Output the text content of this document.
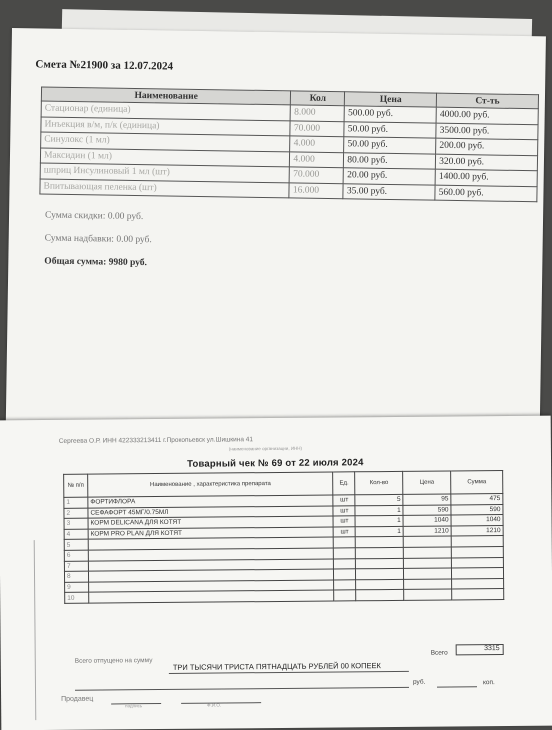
Смета №21900 за 12.07.2024
Наименование	Кол	Цена	Ст-ть
Стационар (единица)	8.000	500.00 руб.	4000.00 руб.
Инъекция в/м, п/к (единица)	70.000	50.00 руб.	3500.00 руб.
Синулокс (1 мл)	4.000	50.00 руб.	200.00 руб.
Максидин (1 мл)	4.000	80.00 руб.	320.00 руб.
шприц Инсулиновый 1 мл (шт)	70.000	20.00 руб.	1400.00 руб.
Впитывающая пеленка (шт)	16.000	35.00 руб.	560.00 руб.
Сумма скидки: 0.00 руб.
Сумма надбавки: 0.00 руб.
Общая сумма: 9980 руб.
Сергеева О.Р. ИНН 422333213411 г.Прокопьевск ул.Шишкина 41
(наименование организации, ИНН)
Товарный чек № 69 от 22 июля 2024
№ п/п	Наименование , характеристика препарата	Ед.	Кол-во	Цена	Сумма
1	ФОРТИФЛОРА	шт	5	95	475
2	СЕФАФОРТ 45МГ/0.75МЛ	шт	1	590	590
3	КОРМ DELICANA ДЛЯ КОТЯТ	шт	1	1040	1040
4	КОРМ PRO PLAN ДЛЯ КОТЯТ	шт	1	1210	1210
5					
6					
7					
8					
9					
10					
Всего
3315
Всего отпущено на сумму
ТРИ ТЫСЯЧИ ТРИСТА ПЯТНАДЦАТЬ РУБЛЕЙ 00 КОПЕЕК
руб.	коп.
Продавец
подпись	Ф.И.О.
